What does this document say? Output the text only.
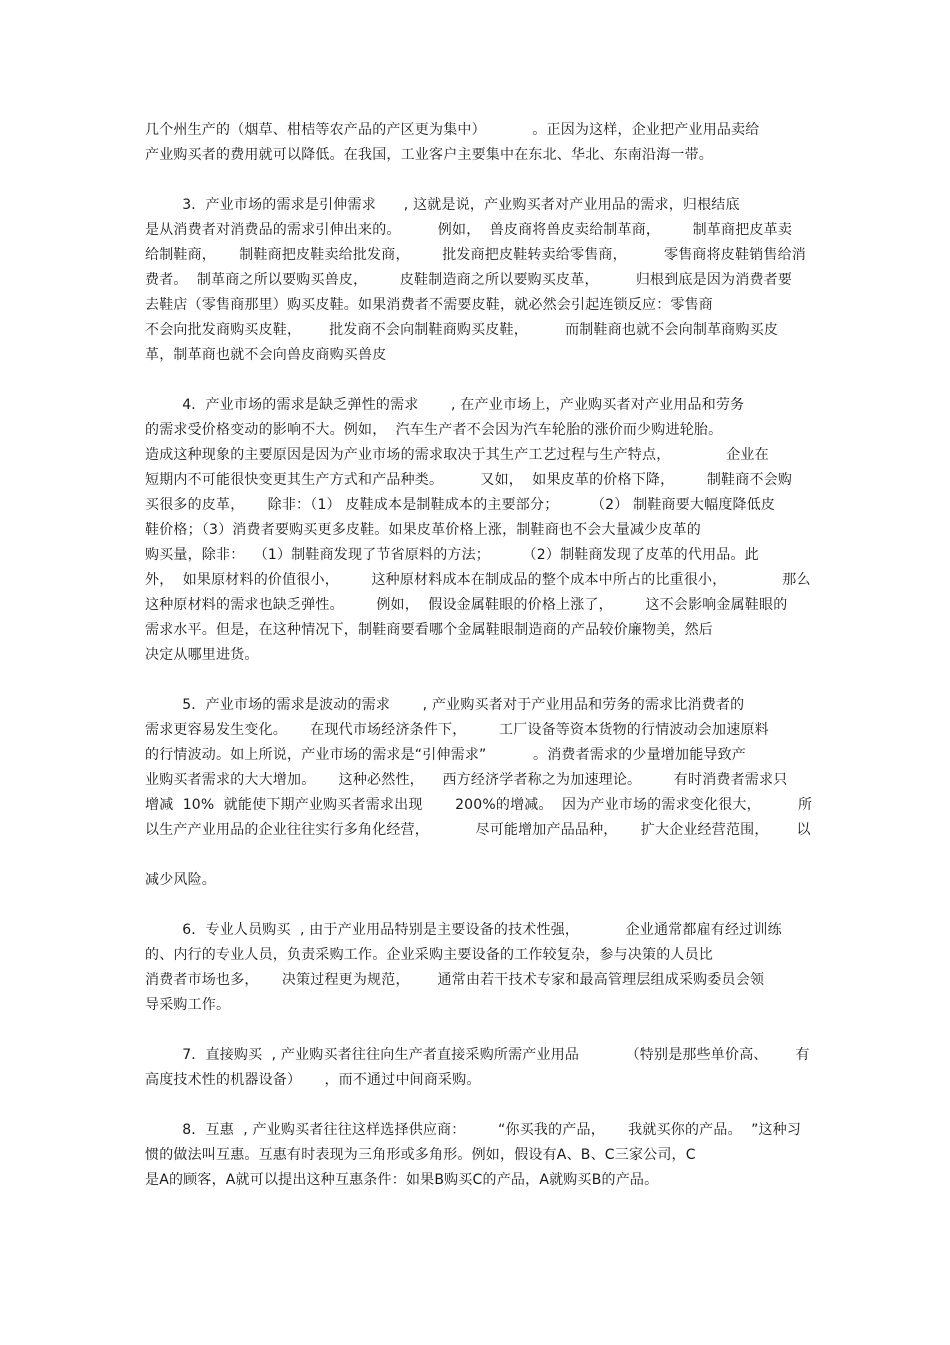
几个州生产的（烟草、柑桔等农产品的产区更为集中）          。正因为这样，企业把产业用品卖给
产业购买者的费用就可以降低。在我国，工业客户主要集中在东北、华北、东南沿海一带。
3．产业市场的需求是引伸需求      , 这就是说，产业购买者对产业用品的需求，归根结底
是从消费者对消费品的需求引伸出来的。        例如，  兽皮商将兽皮卖给制革商，       制革商把皮革卖
给制鞋商，     制鞋商把皮鞋卖给批发商，       批发商把皮鞋转卖给零售商，        零售商将皮鞋销售给消
费者。  制革商之所以要购买兽皮，       皮鞋制造商之所以要购买皮革，        归根到底是因为消费者要
去鞋店（零售商那里）购买皮鞋。如果消费者不需要皮鞋，就必然会引起连锁反应：零售商
不会向批发商购买皮鞋，      批发商不会向制鞋商购买皮鞋，        而制鞋商也就不会向制革商购买皮
革，制革商也就不会向兽皮商购买兽皮
4．产业市场的需求是缺乏弹性的需求       , 在产业市场上，产业购买者对产业用品和劳务
的需求受价格变动的影响不大。例如，  汽车生产者不会因为汽车轮胎的涨价而少购进轮胎。
造成这种现象的主要原因是因为产业市场的需求取决于其生产工艺过程与生产特点，            企业在
短期内不可能很快变更其生产方式和产品种类。        又如，  如果皮革的价格下降，       制鞋商不会购
买很多的皮革，     除非：（1） 皮鞋成本是制鞋成本的主要部分；       （2） 制鞋商要大幅度降低皮
鞋价格；（3）消费者要购买更多皮鞋。如果皮革价格上涨，制鞋商也不会大量减少皮革的
购买量，除非：  （1）制鞋商发现了节省原料的方法；       （2）制鞋商发现了皮革的代用品。此
外，  如果原材料的价值很小，       这种原材料成本在制成品的整个成本中所占的比重很小，            那么
这种原材料的需求也缺乏弹性。       例如，  假设金属鞋眼的价格上涨了，       这不会影响金属鞋眼的
需求水平。但是，在这种情况下，制鞋商要看哪个金属鞋眼制造商的产品较价廉物美，然后
决定从哪里进货。
5．产业市场的需求是波动的需求       , 产业购买者对于产业用品和劳务的需求比消费者的
需求更容易发生变化。     在现代市场经济条件下，       工厂设备等资本货物的行情波动会加速原料
的行情波动。如上所说，产业市场的需求是“引伸需求”          。消费者需求的少量增加能导致产
业购买者需求的大大增加。     这种必然性，    西方经济学者称之为加速理论。       有时消费者需求只
增减  10%  就能使下期产业购买者需求出现       200%的增减。  因为产业市场的需求变化很大，        所
以生产产业用品的企业往往实行多角化经营，          尽可能增加产品品种，     扩大企业经营范围，      以
减少风险。
6．专业人员购买  , 由于产业用品特别是主要设备的技术性强，          企业通常都雇有经过训练
的、内行的专业人员，负责采购工作。企业采购主要设备的工作较复杂，参与决策的人员比
消费者市场也多，     决策过程更为规范，      通常由若干技术专家和最高管理层组成采购委员会领
导采购工作。
7．直接购买  , 产业购买者往往向生产者直接采购所需产业用品          （特别是那些单价高、      有
高度技术性的机器设备）     ，而不通过中间商采购。
8．互惠  , 产业购买者往往这样选择供应商：       “你买我的产品，     我就买你的产品。  ”这种习
惯的做法叫互惠。互惠有时表现为三角形或多角形。例如，假设有A、B、C三家公司，C
是A的顾客，A就可以提出这种互惠条件：如果B购买C的产品，A就购买B的产品。
